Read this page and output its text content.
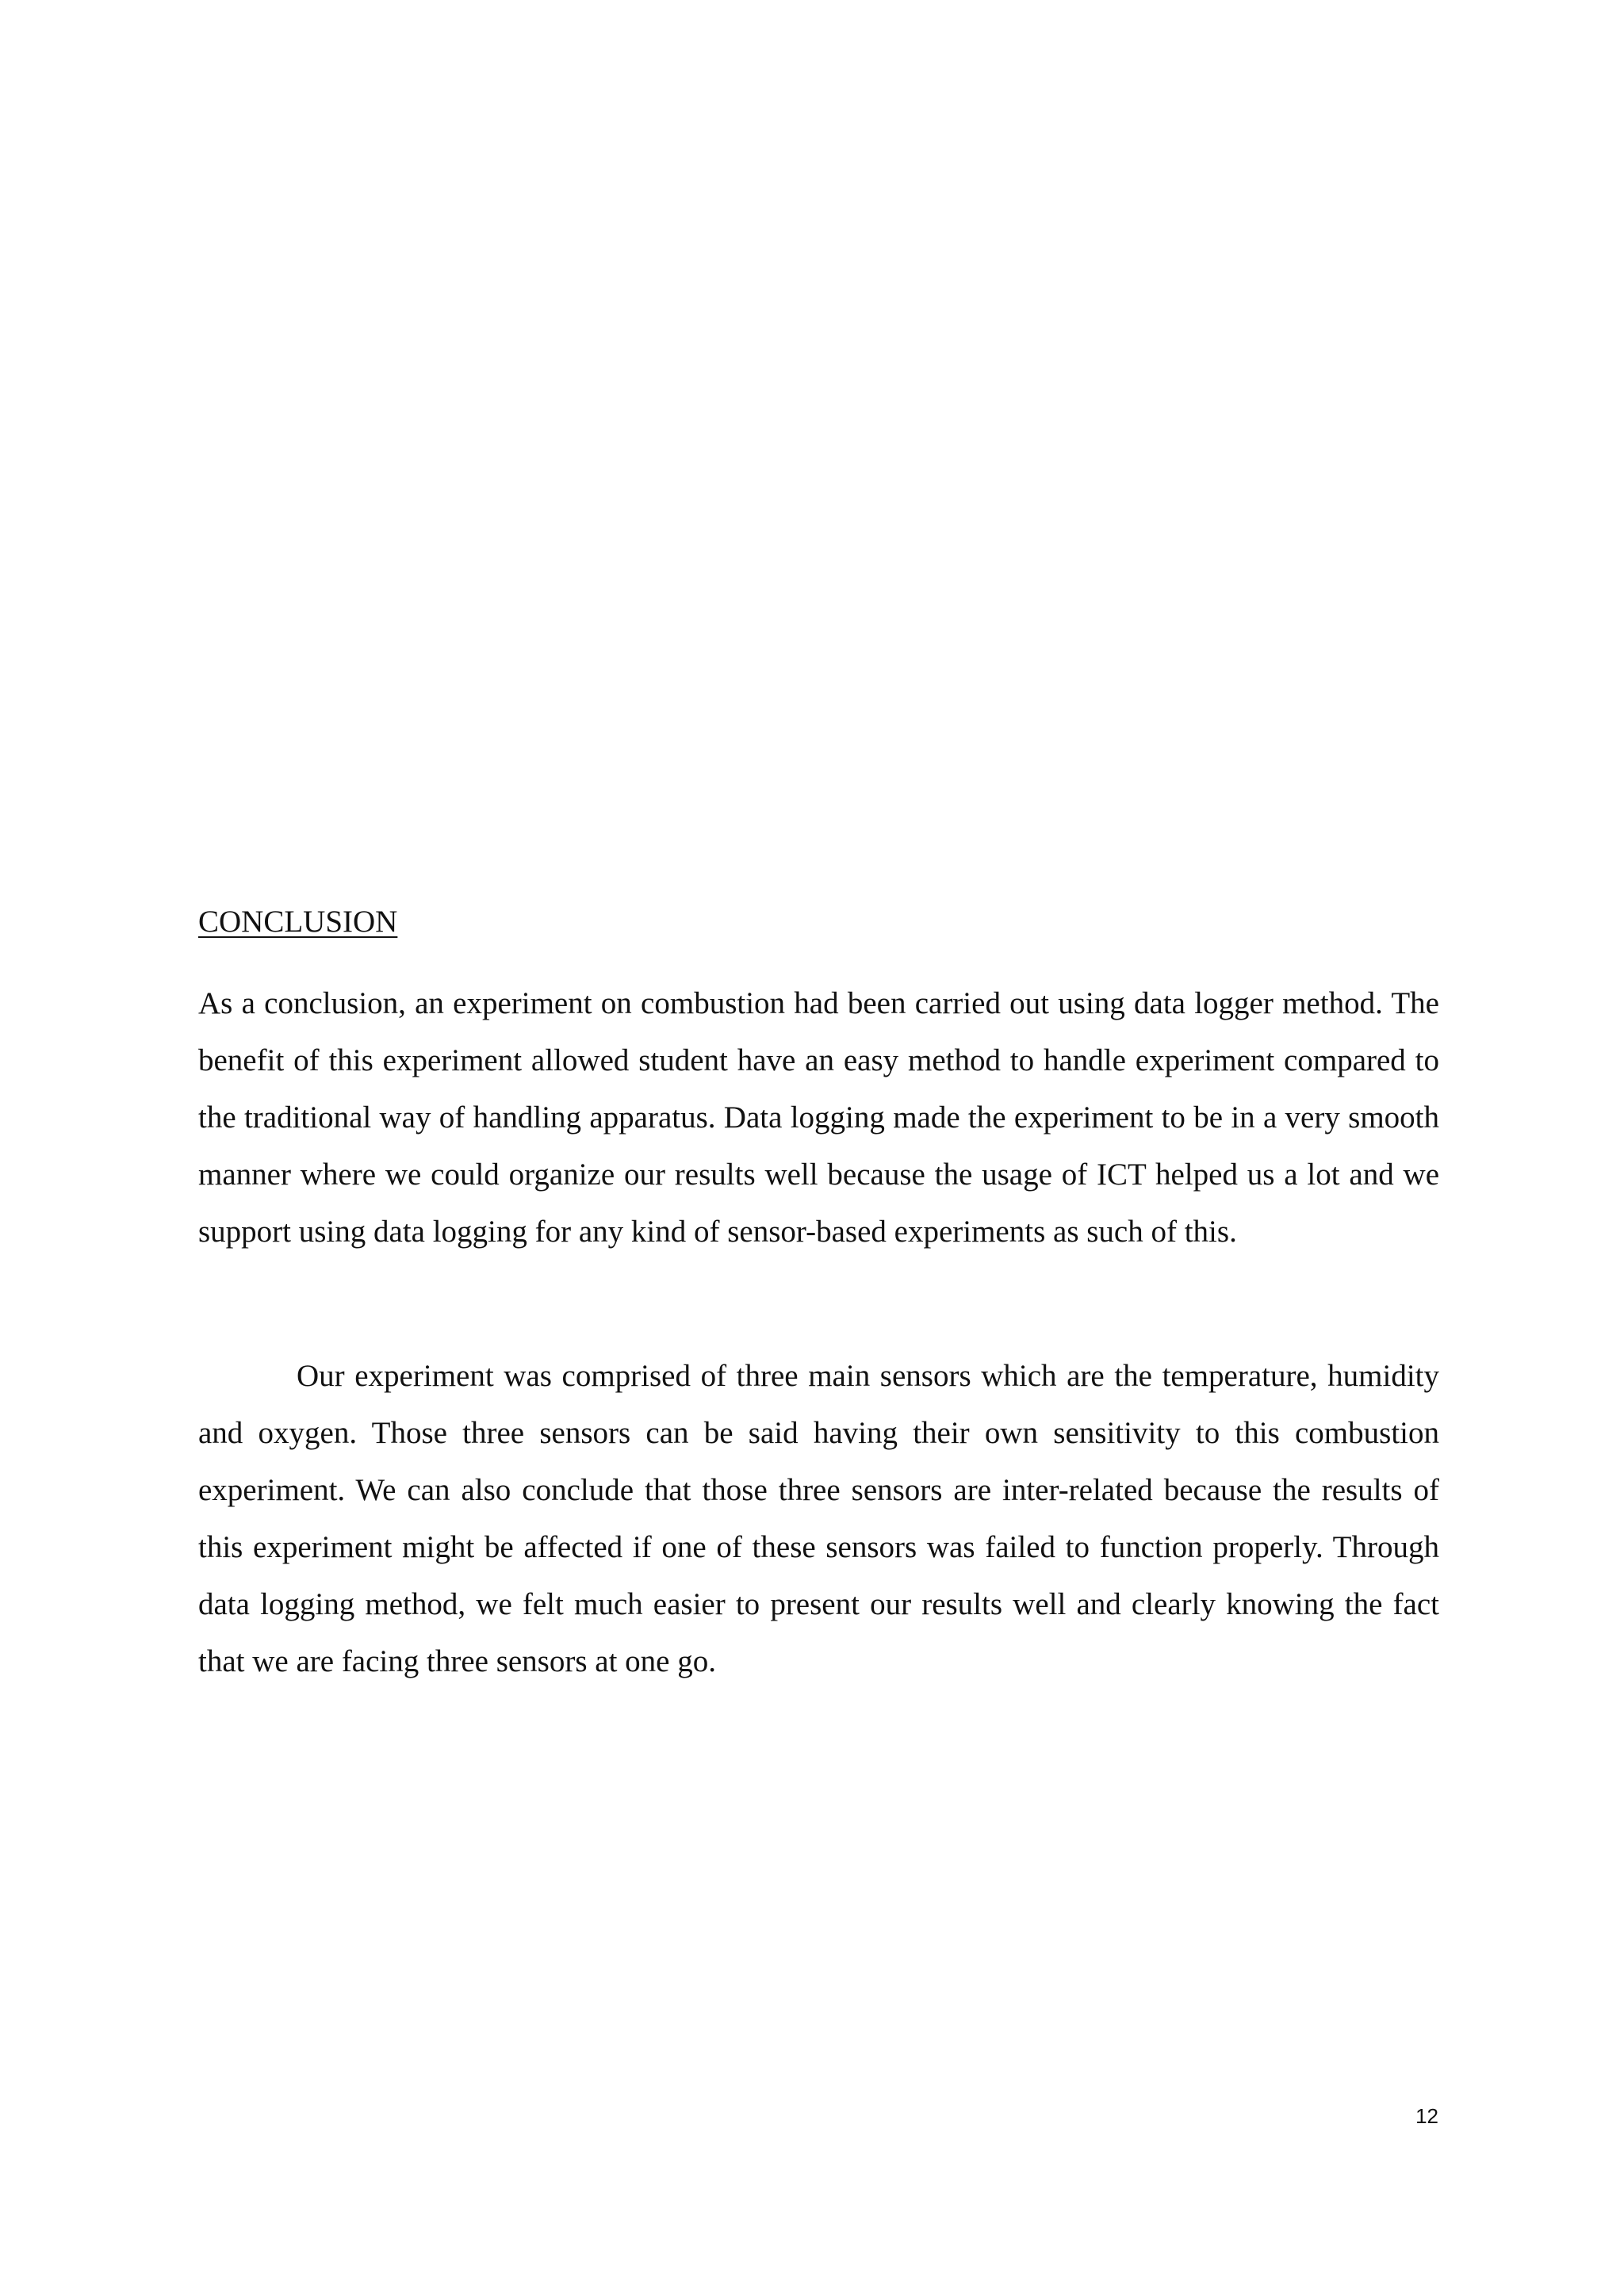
CONCLUSION

As a conclusion, an experiment on combustion had been carried out using data logger method. The benefit of this experiment allowed student have an easy method to handle experiment compared to the traditional way of handling apparatus. Data logging made the experiment to be in a very smooth manner where we could organize our results well because the usage of ICT helped us a lot and we support using data logging for any kind of sensor-based experiments as such of this.

Our experiment was comprised of three main sensors which are the temperature, humidity and oxygen. Those three sensors can be said having their own sensitivity to this combustion experiment. We can also conclude that those three sensors are inter-related because the results of this experiment might be affected if one of these sensors was failed to function properly. Through data logging method, we felt much easier to present our results well and clearly knowing the fact that we are facing three sensors at one go.

12
